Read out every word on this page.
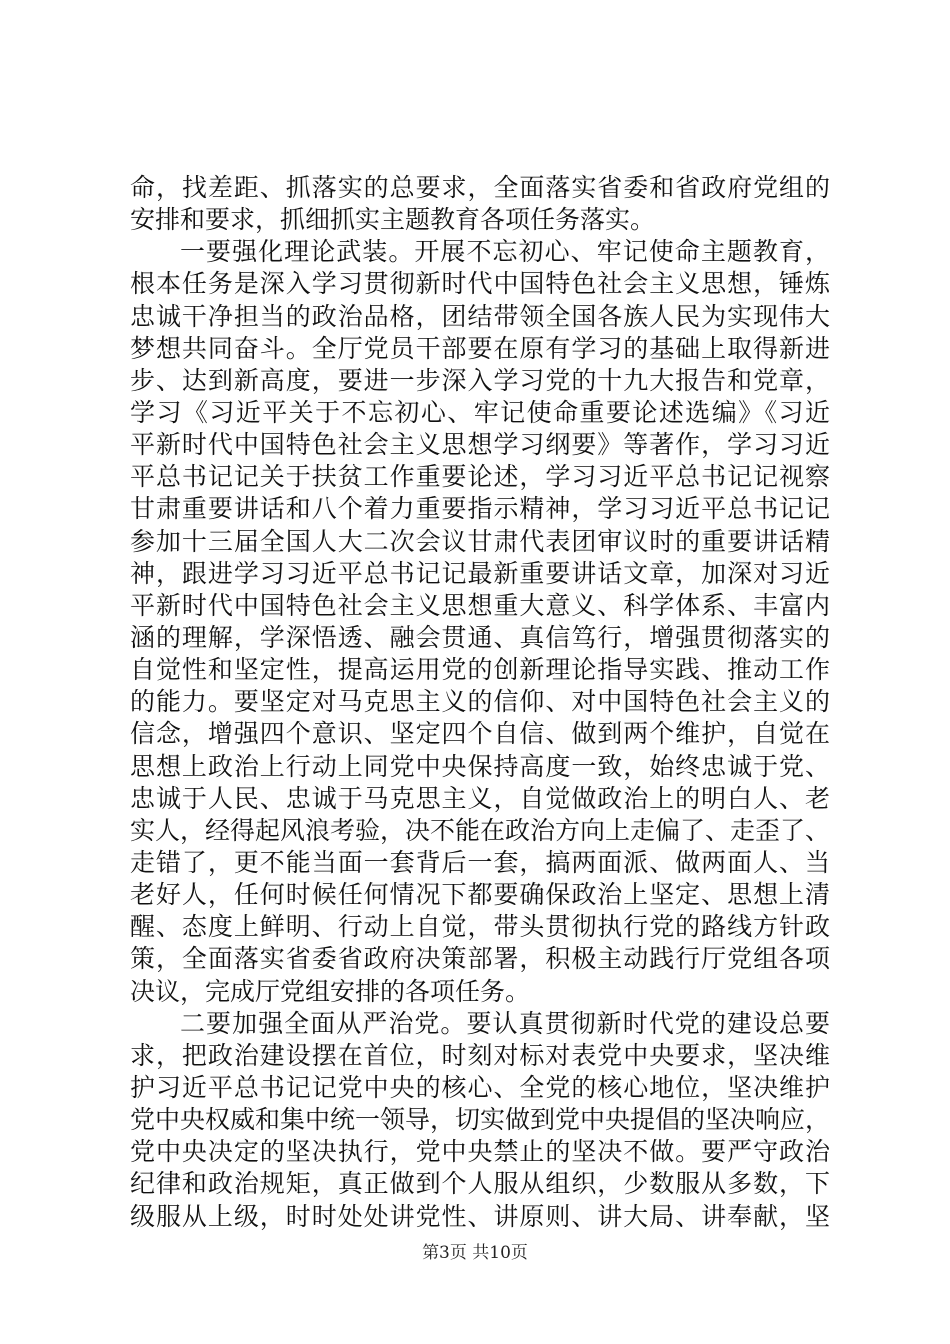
命，找差距、抓落实的总要求，全面落实省委和省政府党组的
安排和要求，抓细抓实主题教育各项任务落实。
一要强化理论武装。开展不忘初心、牢记使命主题教育，
根本任务是深入学习贯彻新时代中国特色社会主义思想，锤炼
忠诚干净担当的政治品格，团结带领全国各族人民为实现伟大
梦想共同奋斗。全厅党员干部要在原有学习的基础上取得新进
步、达到新高度，要进一步深入学习党的十九大报告和党章，
学习《习近平关于不忘初心、牢记使命重要论述选编》《习近
平新时代中国特色社会主义思想学习纲要》等著作，学习习近
平总书记记关于扶贫工作重要论述，学习习近平总书记记视察
甘肃重要讲话和八个着力重要指示精神，学习习近平总书记记
参加十三届全国人大二次会议甘肃代表团审议时的重要讲话精
神，跟进学习习近平总书记记最新重要讲话文章，加深对习近
平新时代中国特色社会主义思想重大意义、科学体系、丰富内
涵的理解，学深悟透、融会贯通、真信笃行，增强贯彻落实的
自觉性和坚定性，提高运用党的创新理论指导实践、推动工作
的能力。要坚定对马克思主义的信仰、对中国特色社会主义的
信念，增强四个意识、坚定四个自信、做到两个维护，自觉在
思想上政治上行动上同党中央保持高度一致，始终忠诚于党、
忠诚于人民、忠诚于马克思主义，自觉做政治上的明白人、老
实人，经得起风浪考验，决不能在政治方向上走偏了、走歪了、
走错了，更不能当面一套背后一套，搞两面派、做两面人、当
老好人，任何时候任何情况下都要确保政治上坚定、思想上清
醒、态度上鲜明、行动上自觉，带头贯彻执行党的路线方针政
策，全面落实省委省政府决策部署，积极主动践行厅党组各项
决议，完成厅党组安排的各项任务。
二要加强全面从严治党。要认真贯彻新时代党的建设总要
求，把政治建设摆在首位，时刻对标对表党中央要求，坚决维
护习近平总书记记党中央的核心、全党的核心地位，坚决维护
党中央权威和集中统一领导，切实做到党中央提倡的坚决响应，
党中央决定的坚决执行，党中央禁止的坚决不做。要严守政治
纪律和政治规矩，真正做到个人服从组织，少数服从多数，下
级服从上级，时时处处讲党性、讲原则、讲大局、讲奉献，坚
第3页 共10页
